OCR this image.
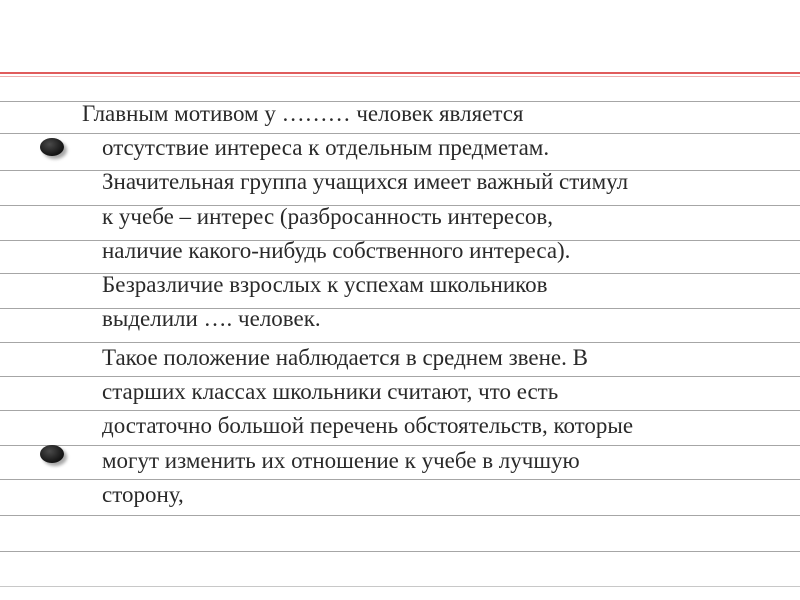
Главным мотивом у ……… человек является

отсутствие интереса к отдельным предметам.

Значительная группа учащихся имеет важный стимул

к учебе – интерес (разбросанность интересов,

наличие какого-нибудь собственного интереса).

Безразличие взрослых к успехам школьников

выделили …. человек.

Такое положение наблюдается в среднем звене. В

старших классах школьники считают, что есть

достаточно большой перечень обстоятельств, которые

могут изменить их отношение к учебе в лучшую

сторону,
